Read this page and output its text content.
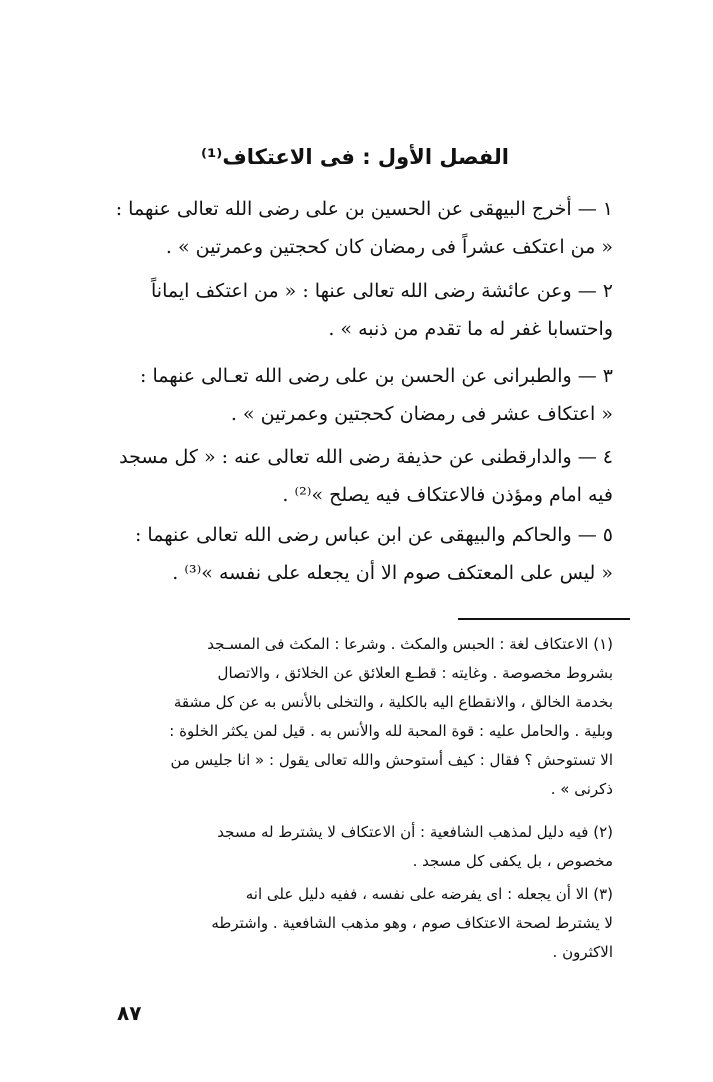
الفصل الأول : فى الاعتكاف⁽¹⁾
١ — أخرج البيهقى عن الحسين بن على رضى الله تعالى عنهما :
« من اعتكف عشراً فى رمضان كان كحجتين وعمرتين » .
٢ — وعن عائشة رضى الله تعالى عنها : « من اعتكف ايماناً
واحتسابا غفر له ما تقدم من ذنبه » .
٣ — والطبرانى عن الحسن بن على رضى الله تعـالى عنهما :
« اعتكاف عشر فى رمضان كحجتين وعمرتين » .
٤ — والدارقطنى عن حذيفة رضى الله تعالى عنه : « كل مسجد
فيه امام ومؤذن فالاعتكاف فيه يصلح »⁽²⁾ .
٥ — والحاكم والبيهقى عن ابن عباس رضى الله تعالى عنهما :
« ليس على المعتكف صوم الا أن يجعله على نفسه »⁽³⁾ .
(١) الاعتكاف لغة : الحبس والمكث . وشرعا : المكث فى المسـجد
بشروط مخصوصة . وغايته : قطـع العلائق عن الخلائق ، والاتصال
بخدمة الخالق ، والانقطاع اليه بالكلية ، والتخلى بالأنس به عن كل مشقة
وبلية . والحامل عليه : قوة المحبة لله والأنس به . قيل لمن يكثر الخلوة :
الا تستوحش ؟ فقال : كيف أستوحش والله تعالى يقول : « انا جليس من
ذكرنى » .
(٢) فيه دليل لمذهب الشافعية : أن الاعتكاف لا يشترط له مسجد
مخصوص ، بل يكفى كل مسجد .
(٣) الا أن يجعله : اى يفرضه على نفسه ، ففيه دليل على انه
لا يشترط لصحة الاعتكاف صوم ، وهو مذهب الشافعية . واشترطه
الاكثرون .
٨٧
